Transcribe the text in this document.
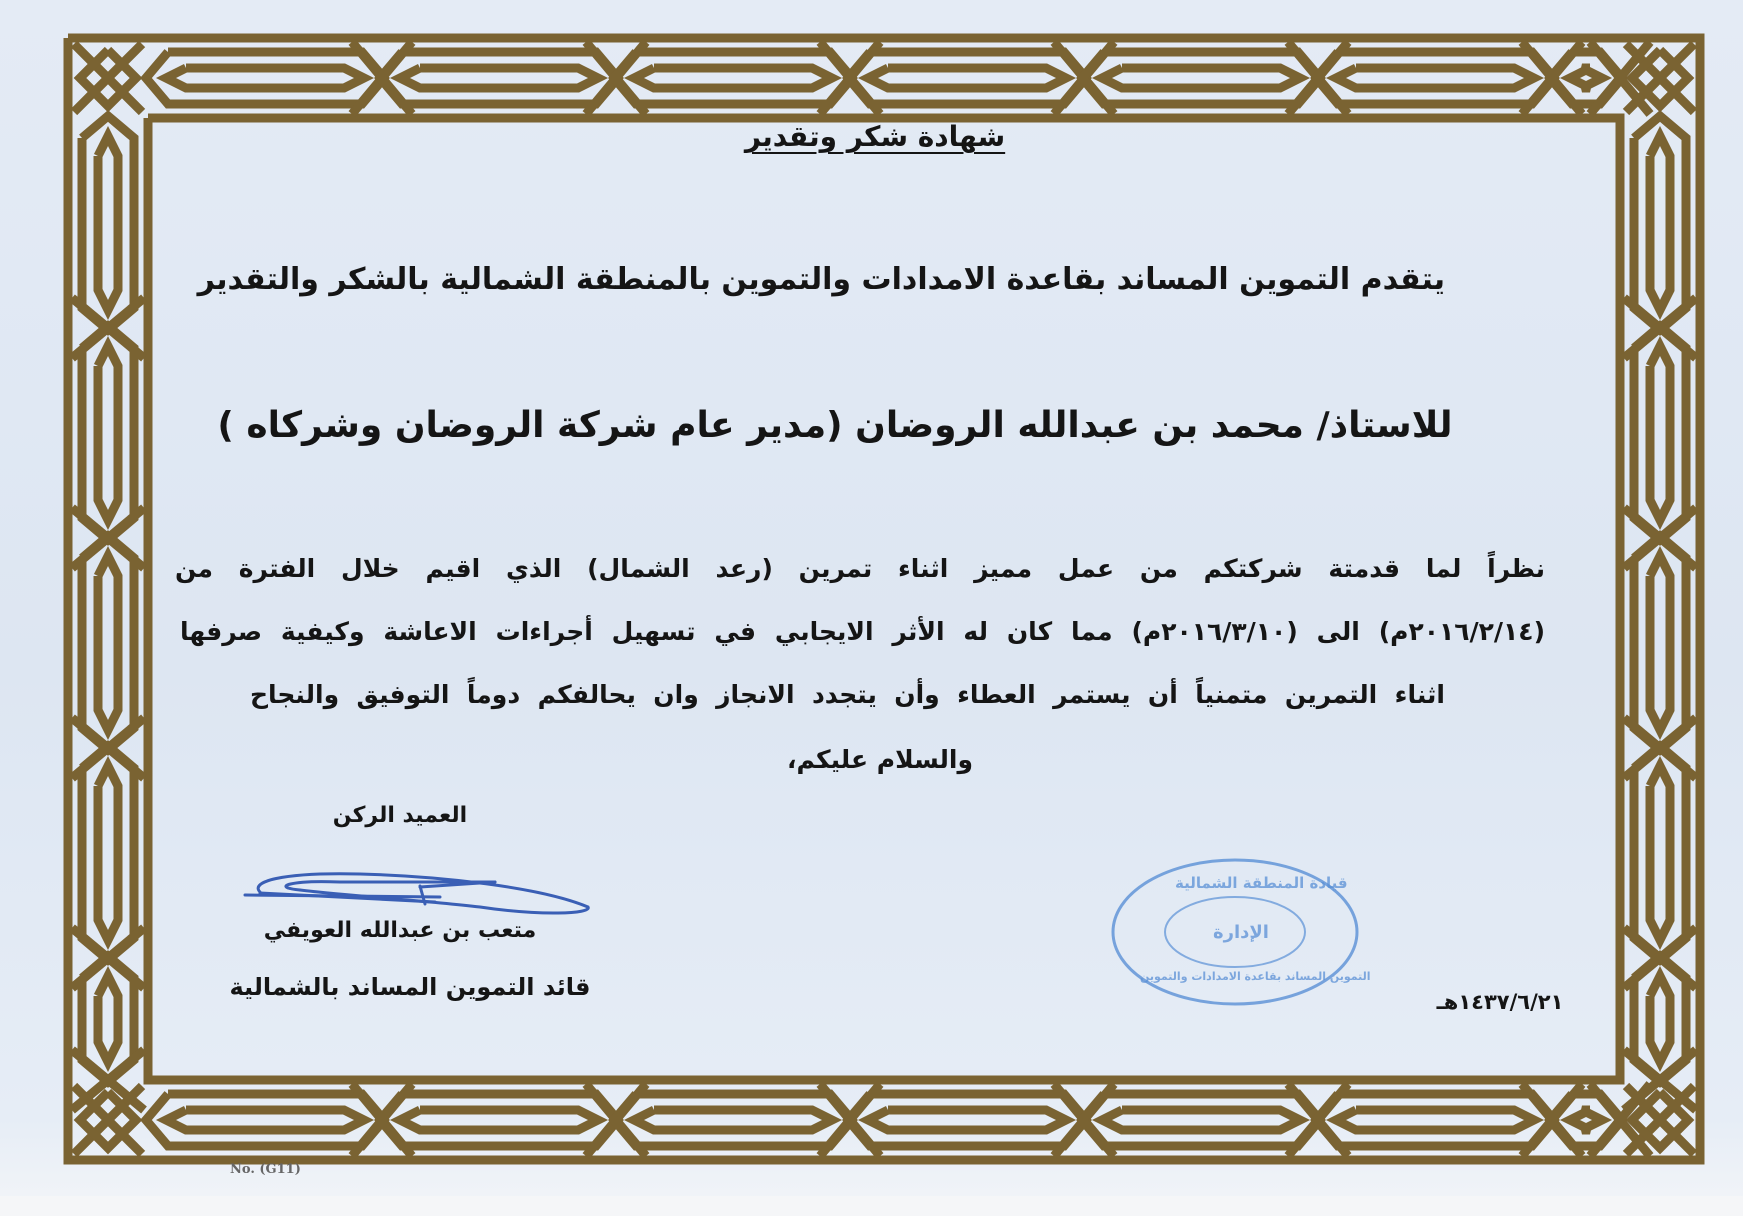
شهادة شكر وتقدير
يتقدم التموين المساند بقاعدة الامدادات والتموين بالمنطقة الشمالية بالشكر والتقدير
للاستاذ/ محمد بن عبدالله الروضان (مدير عام شركة الروضان وشركاه )
نظراً لما قدمتة شركتكم من عمل مميز اثناء تمرين (رعد الشمال) الذي اقيم خلال الفترة من
(٢٠١٦/٢/١٤م) الى (٢٠١٦/٣/١٠م) مما كان له الأثر الايجابي في تسهيل أجراءات الاعاشة وكيفية صرفها
اثناء التمرين متمنياً أن يستمر العطاء وأن يتجدد الانجاز وان يحالفكم دوماً التوفيق والنجاح
والسلام عليكم،
العميد الركن
متعب بن عبدالله العويفي
قائد التموين المساند بالشمالية
قيادة المنطقة الشمالية
الإدارة
التموين المساند بقاعدة الامدادات والتموين
١٤٣٧/٦/٢١هـ
No. (G11)
